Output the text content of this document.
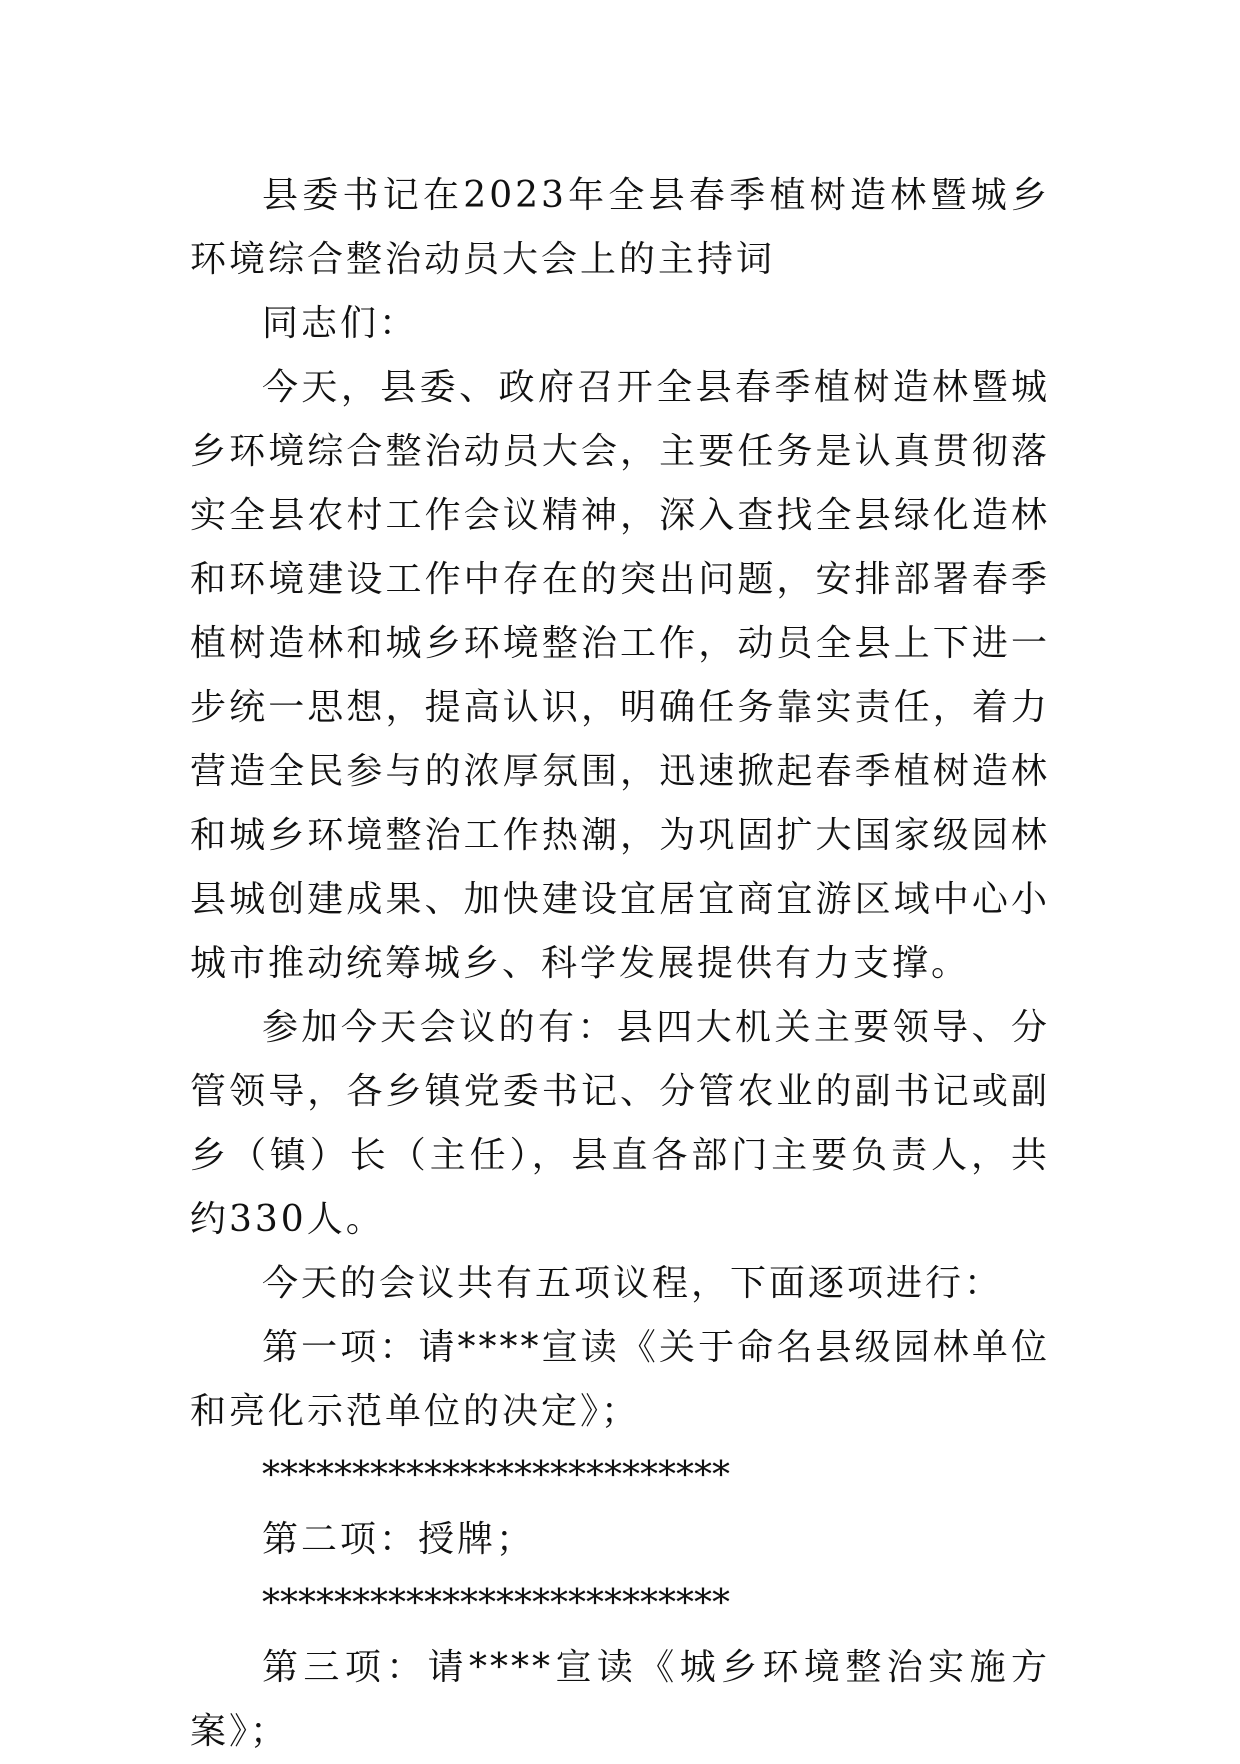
县委书记在2023年全县春季植树造林暨城乡环境综合整治动员大会上的主持词

同志们：

今天，县委、政府召开全县春季植树造林暨城乡环境综合整治动员大会，主要任务是认真贯彻落实全县农村工作会议精神，深入查找全县绿化造林和环境建设工作中存在的突出问题，安排部署春季植树造林和城乡环境整治工作，动员全县上下进一步统一思想，提高认识，明确任务靠实责任，着力营造全民参与的浓厚氛围，迅速掀起春季植树造林和城乡环境整治工作热潮，为巩固扩大国家级园林县城创建成果、加快建设宜居宜商宜游区域中心小城市推动统筹城乡、科学发展提供有力支撑。

参加今天会议的有：县四大机关主要领导、分管领导，各乡镇党委书记、分管农业的副书记或副乡（镇）长（主任），县直各部门主要负责人，共约330人。

今天的会议共有五项议程，下面逐项进行：

第一项：请****宣读《关于命名县级园林单位和亮化示范单位的决定》；

**************************

第二项：授牌；

**************************

第三项：请****宣读《城乡环境整治实施方案》；
